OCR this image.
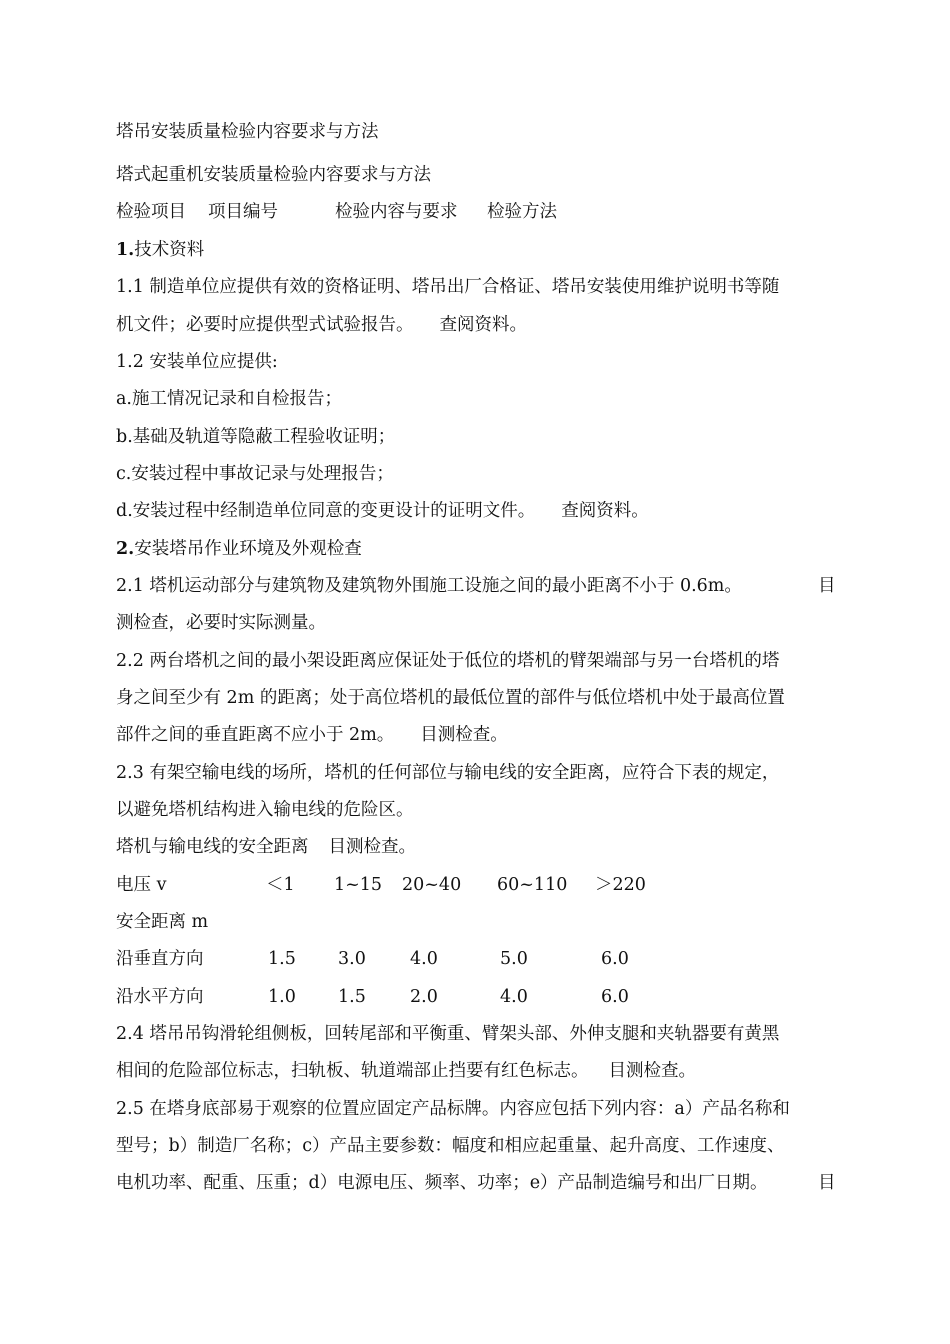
塔吊安装质量检验内容要求与方法
塔式起重机安装质量检验内容要求与方法
检验项目 项目编号	检验内容与要求 检验方法
1.技术资料
1.1 制造单位应提供有效的资格证明、塔吊出厂合格证、塔吊安装使用维护说明书等随
机文件；必要时应提供型式试验报告。 查阅资料。
1.2 安装单位应提供:
a.施工情况记录和自检报告；
b.基础及轨道等隐蔽工程验收证明；
c.安装过程中事故记录与处理报告；
d.安装过程中经制造单位同意的变更设计的证明文件。 查阅资料。
2.安装塔吊作业环境及外观检查
2.1 塔机运动部分与建筑物及建筑物外围施工设施之间的最小距离不小于 0.6m。	目
测检查，必要时实际测量。
2.2 两台塔机之间的最小架设距离应保证处于低位的塔机的臂架端部与另一台塔机的塔
身之间至少有 2m 的距离；处于高位塔机的最低位置的部件与低位塔机中处于最高位置
部件之间的垂直距离不应小于 2m。 目测检查。
2.3 有架空输电线的场所，塔机的任何部位与输电线的安全距离，应符合下表的规定，
以避免塔机结构进入输电线的危险区。
塔机与输电线的安全距离 目测检查。
电压 v	＜1 1~15 20~40 60~110 ＞220
安全距离 m
沿垂直方向	1.5 3.0	4.0	5.0	6.0
沿水平方向	1.0 1.5	2.0	4.0	6.0
2.4 塔吊吊钩滑轮组侧板，回转尾部和平衡重、臂架头部、外伸支腿和夹轨器要有黄黑
相间的危险部位标志，扫轨板、轨道端部止挡要有红色标志。 目测检查。
2.5 在塔身底部易于观察的位置应固定产品标牌。内容应包括下列内容：a）产品名称和
型号；b）制造厂名称；c）产品主要参数：幅度和相应起重量、起升高度、工作速度、
电机功率、配重、压重；d）电源电压、频率、功率；e）产品制造编号和出厂日期。	目
